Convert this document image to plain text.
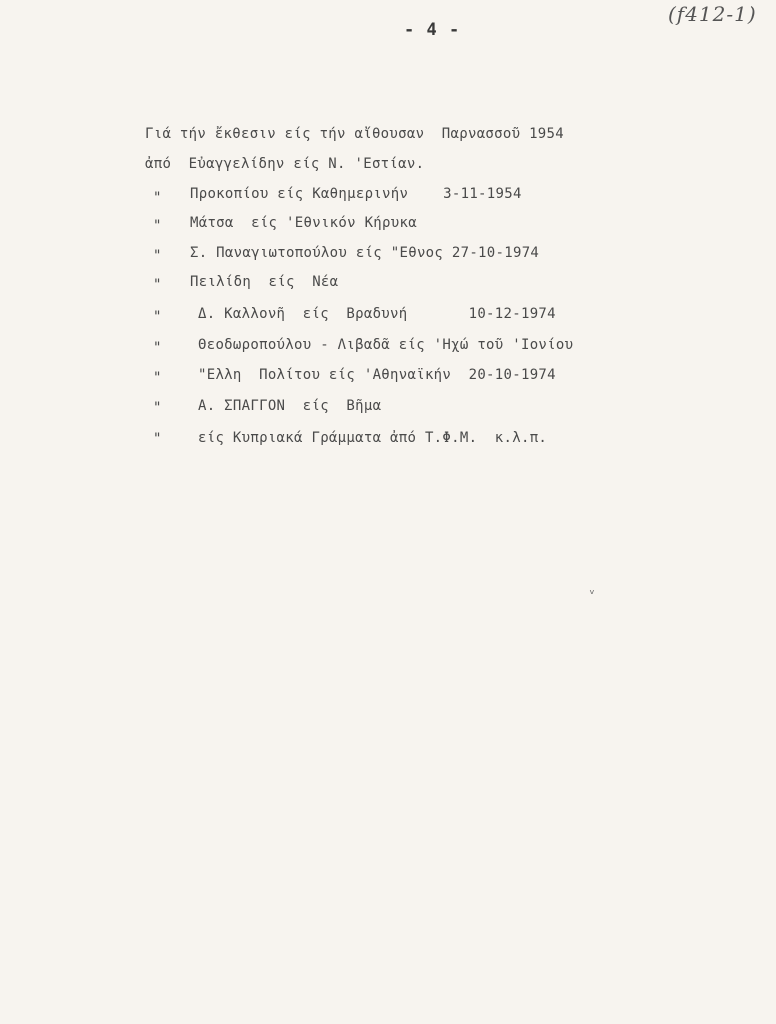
- 4 -
(f412-1)
Γιά τήν ἔκθεσιν είς τήν αἴθουσαν  Παρνασσοῦ 1954
ἀπό  Εὐαγγελίδην είς Ν. 'Εστίαν.
"
"
"
"
"
"
"
"
"
Προκοπίου είς Καθημερινήν    3-11-1954
Μάτσα  είς 'Εθνικόν Κήρυκα
Σ. Παναγιωτοπούλου είς "Εθνος 27-10-1974
Πειλίδη  είς  Νέα
Δ. Καλλονῆ  είς  Βραδυνή       10-12-1974
Θεοδωροπούλου - Λιβαδᾶ είς 'Ηχώ τοῦ 'Ιονίου
"Ελλη  Πολίτου είς 'Αθηναϊκήν  20-10-1974
Α. ΣΠΑΓΓΟΝ  είς  Βῆμα
είς Κυπριακά Γράμματα ἀπό Τ.Φ.Μ.  κ.λ.π.
ᵥ
